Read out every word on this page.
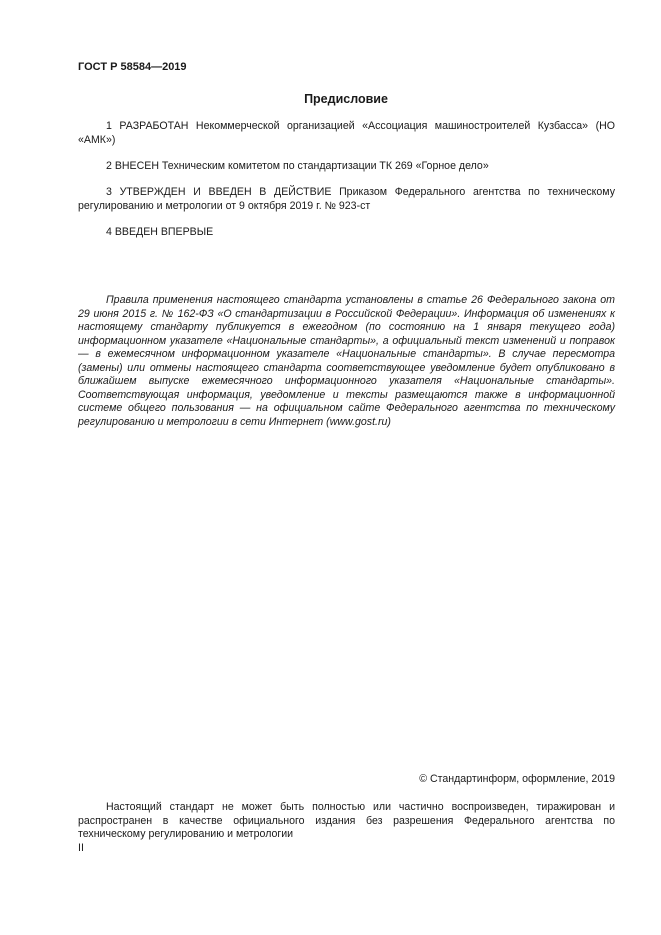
ГОСТ Р 58584—2019
Предисловие
1 РАЗРАБОТАН Некоммерческой организацией «Ассоциация машиностроителей Кузбасса» (НО «АМК»)
2 ВНЕСЕН Техническим комитетом по стандартизации ТК 269 «Горное дело»
3 УТВЕРЖДЕН И ВВЕДЕН В ДЕЙСТВИЕ Приказом Федерального агентства по техническому регулированию и метрологии от 9 октября 2019 г. № 923-ст
4 ВВЕДЕН ВПЕРВЫЕ
Правила применения настоящего стандарта установлены в статье 26 Федерального закона от 29 июня 2015 г. № 162-ФЗ «О стандартизации в Российской Федерации». Информация об изменениях к настоящему стандарту публикуется в ежегодном (по состоянию на 1 января текущего года) информационном указателе «Национальные стандарты», а официальный текст изменений и поправок — в ежемесячном информационном указателе «Национальные стандарты». В случае пересмотра (замены) или отмены настоящего стандарта соответствующее уведомление будет опубликовано в ближайшем выпуске ежемесячного информационного указателя «Национальные стандарты». Соответствующая информация, уведомление и тексты размещаются также в информационной системе общего пользования — на официальном сайте Федерального агентства по техническому регулированию и метрологии в сети Интернет (www.gost.ru)
© Стандартинформ, оформление, 2019
Настоящий стандарт не может быть полностью или частично воспроизведен, тиражирован и распространен в качестве официального издания без разрешения Федерального агентства по техническому регулированию и метрологии
II
